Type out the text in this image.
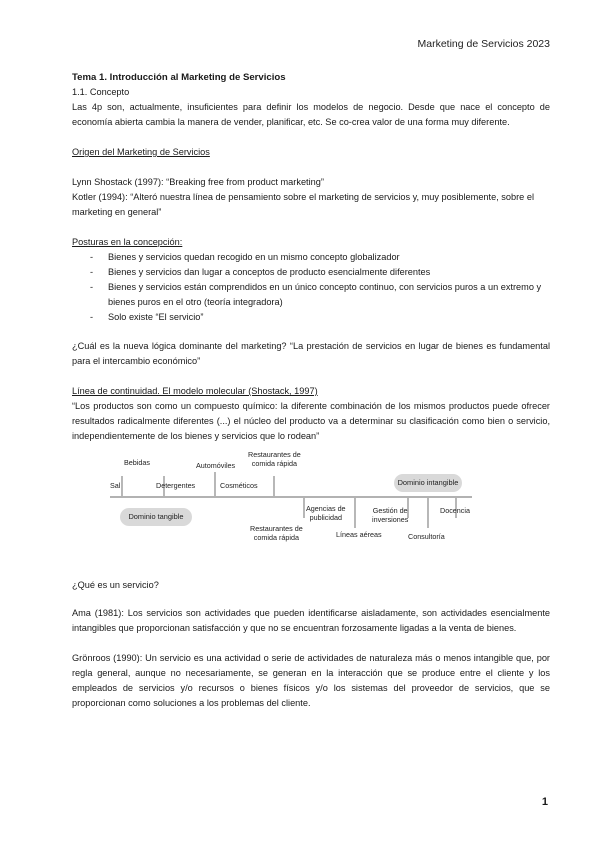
Marketing de Servicios 2023

Tema 1. Introducción al Marketing de Servicios

1.1. Concepto

Las 4p son, actualmente, insuficientes para definir los modelos de negocio. Desde que nace el concepto de economía abierta cambia la manera de vender, planificar, etc. Se co-crea valor de una forma muy diferente.

Origen del Marketing de Servicios

Lynn Shostack (1997): “Breaking free from product marketing”

Kotler (1994): “Alteró nuestra línea de pensamiento sobre el marketing de servicios y, muy posiblemente, sobre el marketing en general”

Posturas en la concepción:

- Bienes y servicios quedan recogido en un mismo concepto globalizador
- Bienes y servicios dan lugar a conceptos de producto esencialmente diferentes
- Bienes y servicios están comprendidos en un único concepto continuo, con servicios puros a un extremo y bienes puros en el otro (teoría integradora)
- Solo existe “El servicio”

¿Cuál es la nueva lógica dominante del marketing? “La prestación de servicios en lugar de bienes es fundamental para el intercambio económico”

Línea de continuidad. El modelo molecular (Shostack, 1997)

“Los productos son como un compuesto químico: la diferente combinación de los mismos productos puede ofrecer resultados radicalmente diferentes (...) el núcleo del producto va a determinar su clasificación como bien o servicio, independientemente de los bienes y servicios que lo rodean”

Bebidas	Automóviles
Restaurantes de
comida rápida
Sal	Detergentes	Cosméticos	Dominio intangible
Dominio tangible
Agencias de
publicidad
Gestión de
inversiones
Docencia
Líneas aéreas	Consultoría
Restaurantes de
comida rápida

¿Qué es un servicio?

Ama (1981): Los servicios son actividades que pueden identificarse aisladamente, son actividades esencialmente intangibles que proporcionan satisfacción y que no se encuentran forzosamente ligadas a la venta de bienes.

Grönroos (1990): Un servicio es una actividad o serie de actividades de naturaleza más o menos intangible que, por regla general, aunque no necesariamente, se generan en la interacción que se produce entre el cliente y los empleados de servicios y/o recursos o bienes físicos y/o los sistemas del proveedor de servicios, que se proporcionan como soluciones a los problemas del cliente.

1
